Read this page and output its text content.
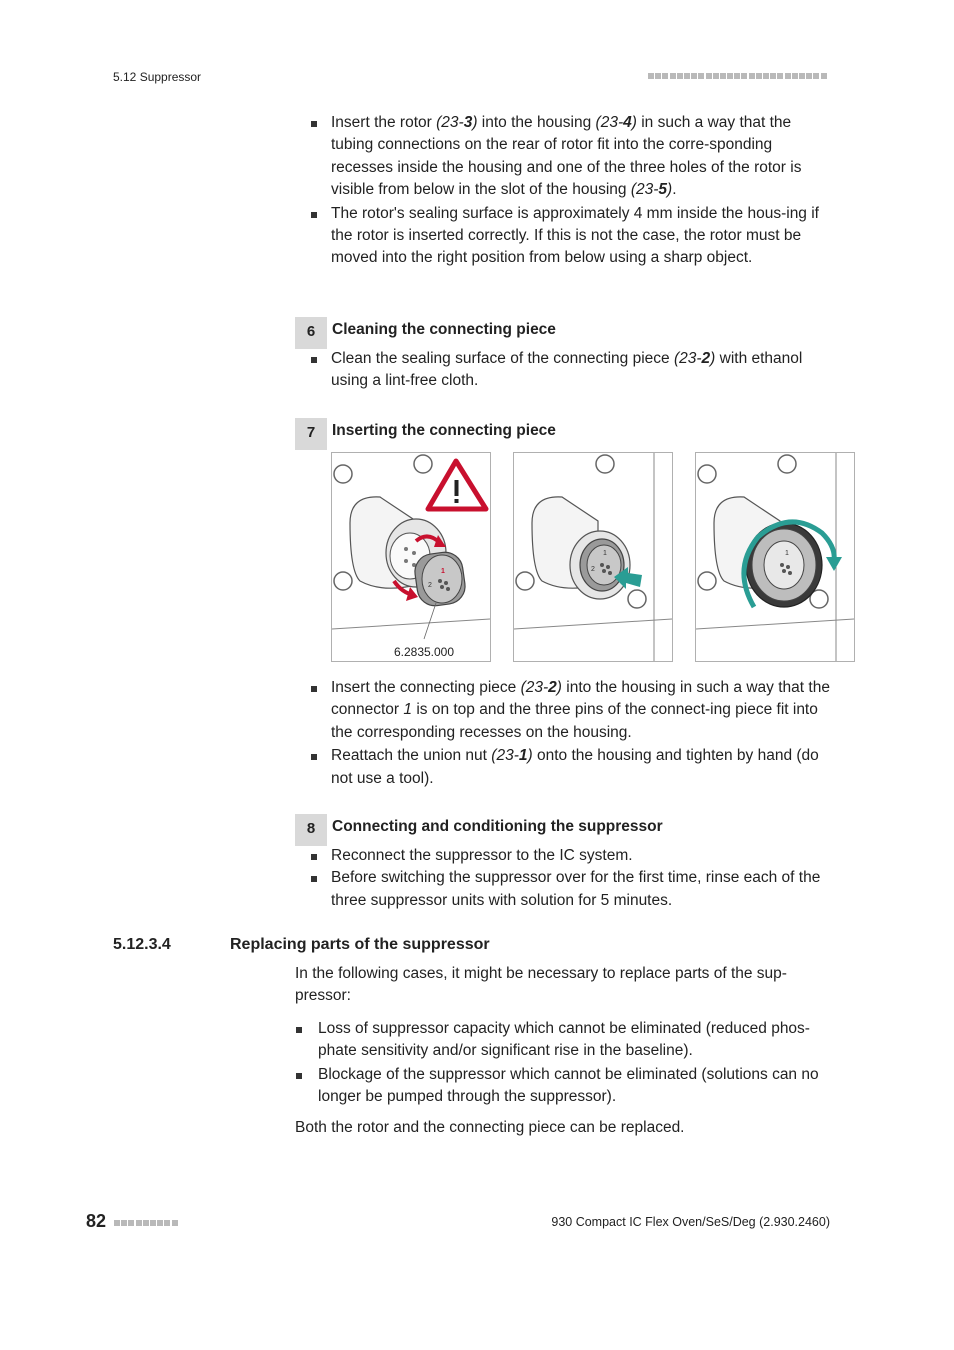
5.12 Suppressor
Insert the rotor (23-3) into the housing (23-4) in such a way that the tubing connections on the rear of rotor fit into the corre-sponding recesses inside the housing and one of the three holes of the rotor is visible from below in the slot of the housing (23-5).
The rotor's sealing surface is approximately 4 mm inside the hous-ing if the rotor is inserted correctly. If this is not the case, the rotor must be moved into the right position from below using a sharp object.
6	Cleaning the connecting piece
Clean the sealing surface of the connecting piece (23-2) with ethanol using a lint-free cloth.
7	Inserting the connecting piece
1
2
6.2835.000
1
2
1
Insert the connecting piece (23-2) into the housing in such a way that the connector 1 is on top and the three pins of the connect-ing piece fit into the corresponding recesses on the housing.
Reattach the union nut (23-1) onto the housing and tighten by hand (do not use a tool).
8	Connecting and conditioning the suppressor
Reconnect the suppressor to the IC system.
Before switching the suppressor over for the first time, rinse each of the three suppressor units with solution for 5 minutes.
5.12.3.4	Replacing parts of the suppressor
In the following cases, it might be necessary to replace parts of the sup-pressor:
Loss of suppressor capacity which cannot be eliminated (reduced phos-phate sensitivity and/or significant rise in the baseline).
Blockage of the suppressor which cannot be eliminated (solutions can no longer be pumped through the suppressor).
Both the rotor and the connecting piece can be replaced.
82	930 Compact IC Flex Oven/SeS/Deg (2.930.2460)
